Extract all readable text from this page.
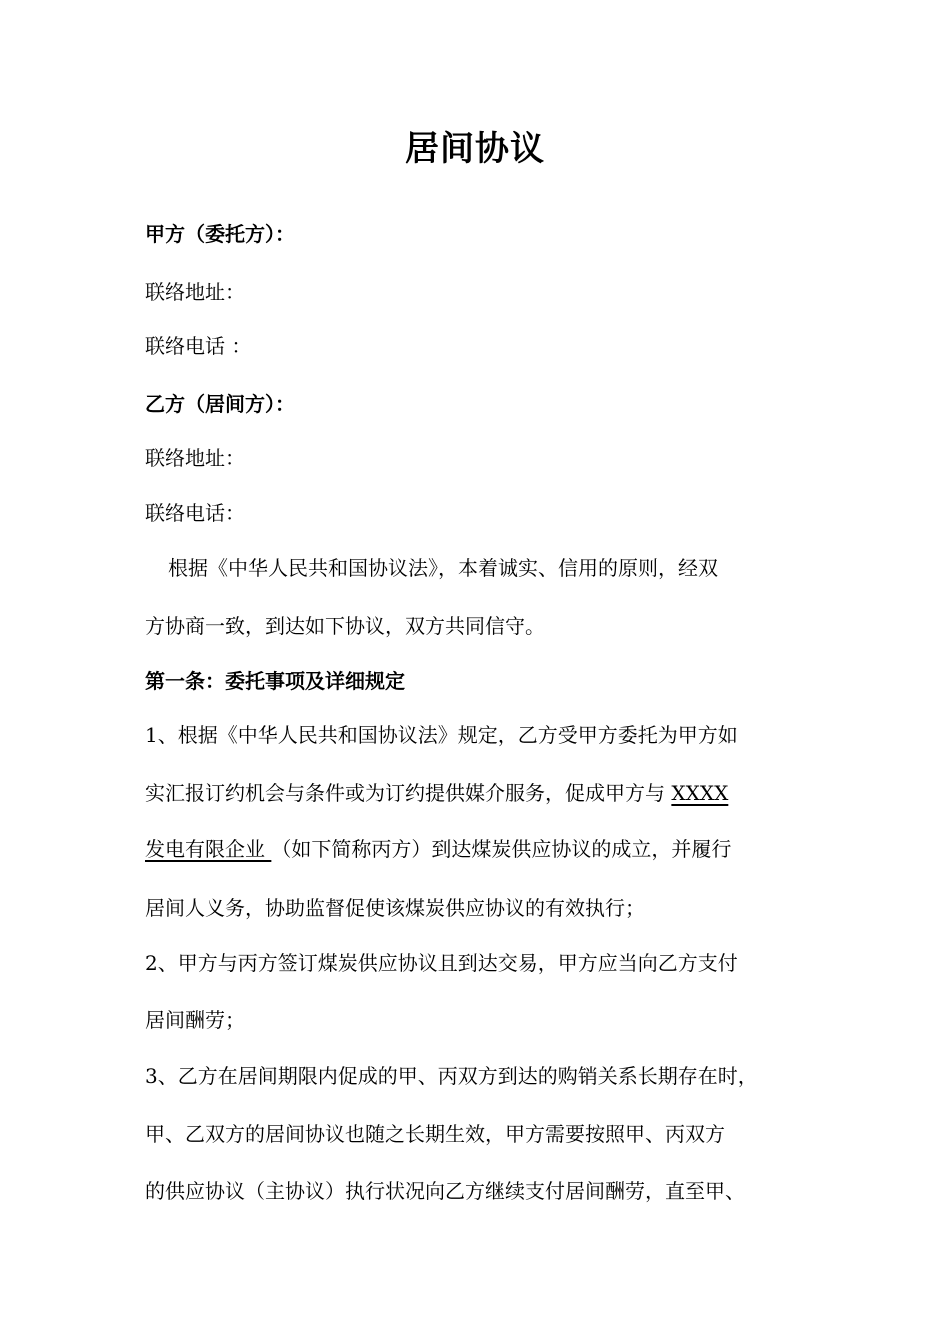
居间协议
甲方（委托方）：
联络地址：
联络电话 ：
乙方（居间方）：
联络地址：
联络电话：
根据《中华人民共和国协议法》，本着诚实、信用的原则，经双
方协商一致，到达如下协议，双方共同信守。
第一条：委托事项及详细规定
1、根据《中华人民共和国协议法》规定，乙方受甲方委托为甲方如
实汇报订约机会与条件或为订约提供媒介服务，促成甲方与 XXXX
发电有限企业 （如下简称丙方）到达煤炭供应协议的成立，并履行
居间人义务，协助监督促使该煤炭供应协议的有效执行；
2、甲方与丙方签订煤炭供应协议且到达交易，甲方应当向乙方支付
居间酬劳；
3、乙方在居间期限内促成的甲、丙双方到达的购销关系长期存在时，
甲、乙双方的居间协议也随之长期生效，甲方需要按照甲、丙双方
的供应协议（主协议）执行状况向乙方继续支付居间酬劳，直至甲、
